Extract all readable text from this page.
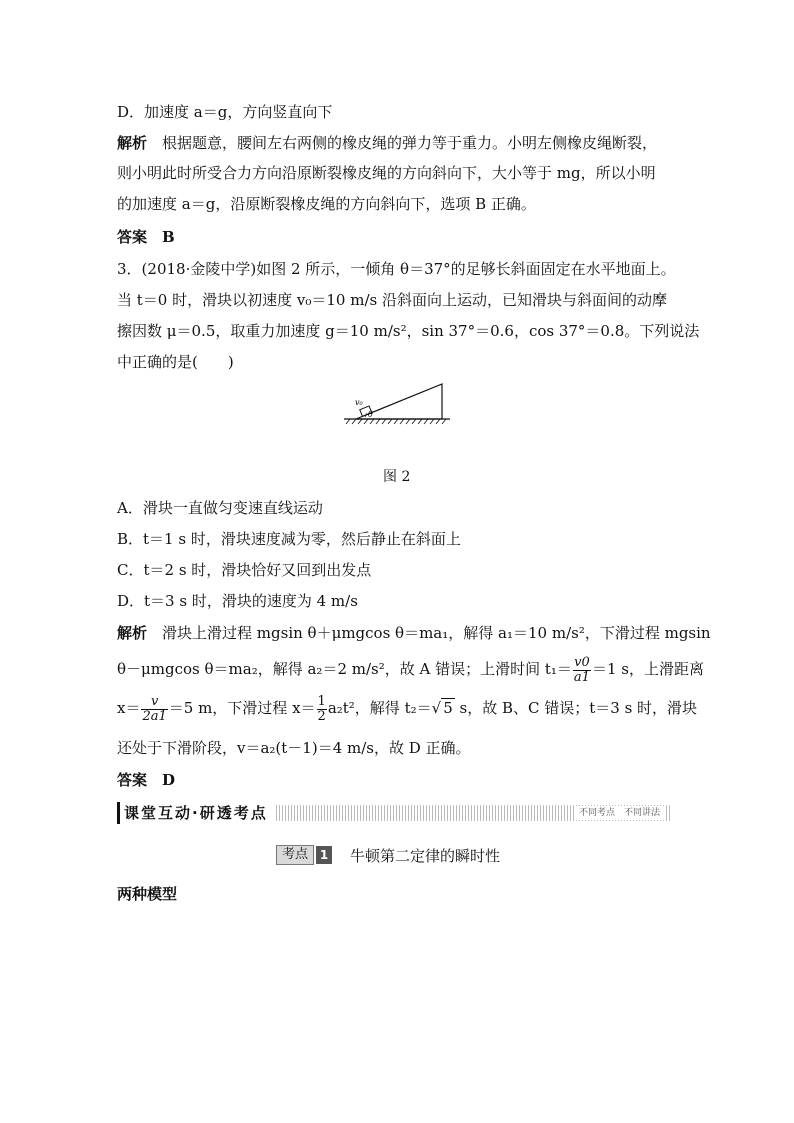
D．加速度 a＝g，方向竖直向下
解析　 根据题意，腰间左右两侧的橡皮绳的弹力等于重力。小明左侧橡皮绳断裂，
则小明此时所受合力方向沿原断裂橡皮绳的方向斜向下，大小等于 mg，所以小明
的加速度 a＝g，沿原断裂橡皮绳的方向斜向下，选项 B 正确。
答案　B
3．(2018·金陵中学)如图 2 所示，一倾角 θ＝37°的足够长斜面固定在水平地面上。
当 t＝0 时，滑块以初速度 v₀＝10 m/s 沿斜面向上运动，已知滑块与斜面间的动摩
擦因数 μ＝0.5，取重力加速度 g＝10 m/s²，sin 37°＝0.6，cos 37°＝0.8。下列说法
中正确的是(　　)
v₀
θ
图 2
A．滑块一直做匀变速直线运动
B．t＝1 s 时，滑块速度减为零，然后静止在斜面上
C．t＝2 s 时，滑块恰好又回到出发点
D．t＝3 s 时，滑块的速度为 4 m/s
解析　 滑块上滑过程 mgsin θ＋μmgcos θ＝ma₁，解得 a₁＝10 m/s²，下滑过程 mgsin
θ－μmgcos θ＝ma₂，解得 a₂＝2 m/s²，故 A 错误；上滑时间 $t_1= \frac{v0}{a1} =1$ s，上滑距离
$x= \frac{v}{2a1} =5$ m，下滑过程 $x= \frac{1}{2} a_2t^2$，解得 t₂＝√ 5 s，故 B、C 错误；t＝3 s 时，滑块
还处于下滑阶段，v＝a₂(t－1)＝4 m/s，故 D 正确。
答案　D
课堂互动·研透考点	不同考点　不同讲法
考点 1 牛顿第二定律的瞬时性
两种模型
